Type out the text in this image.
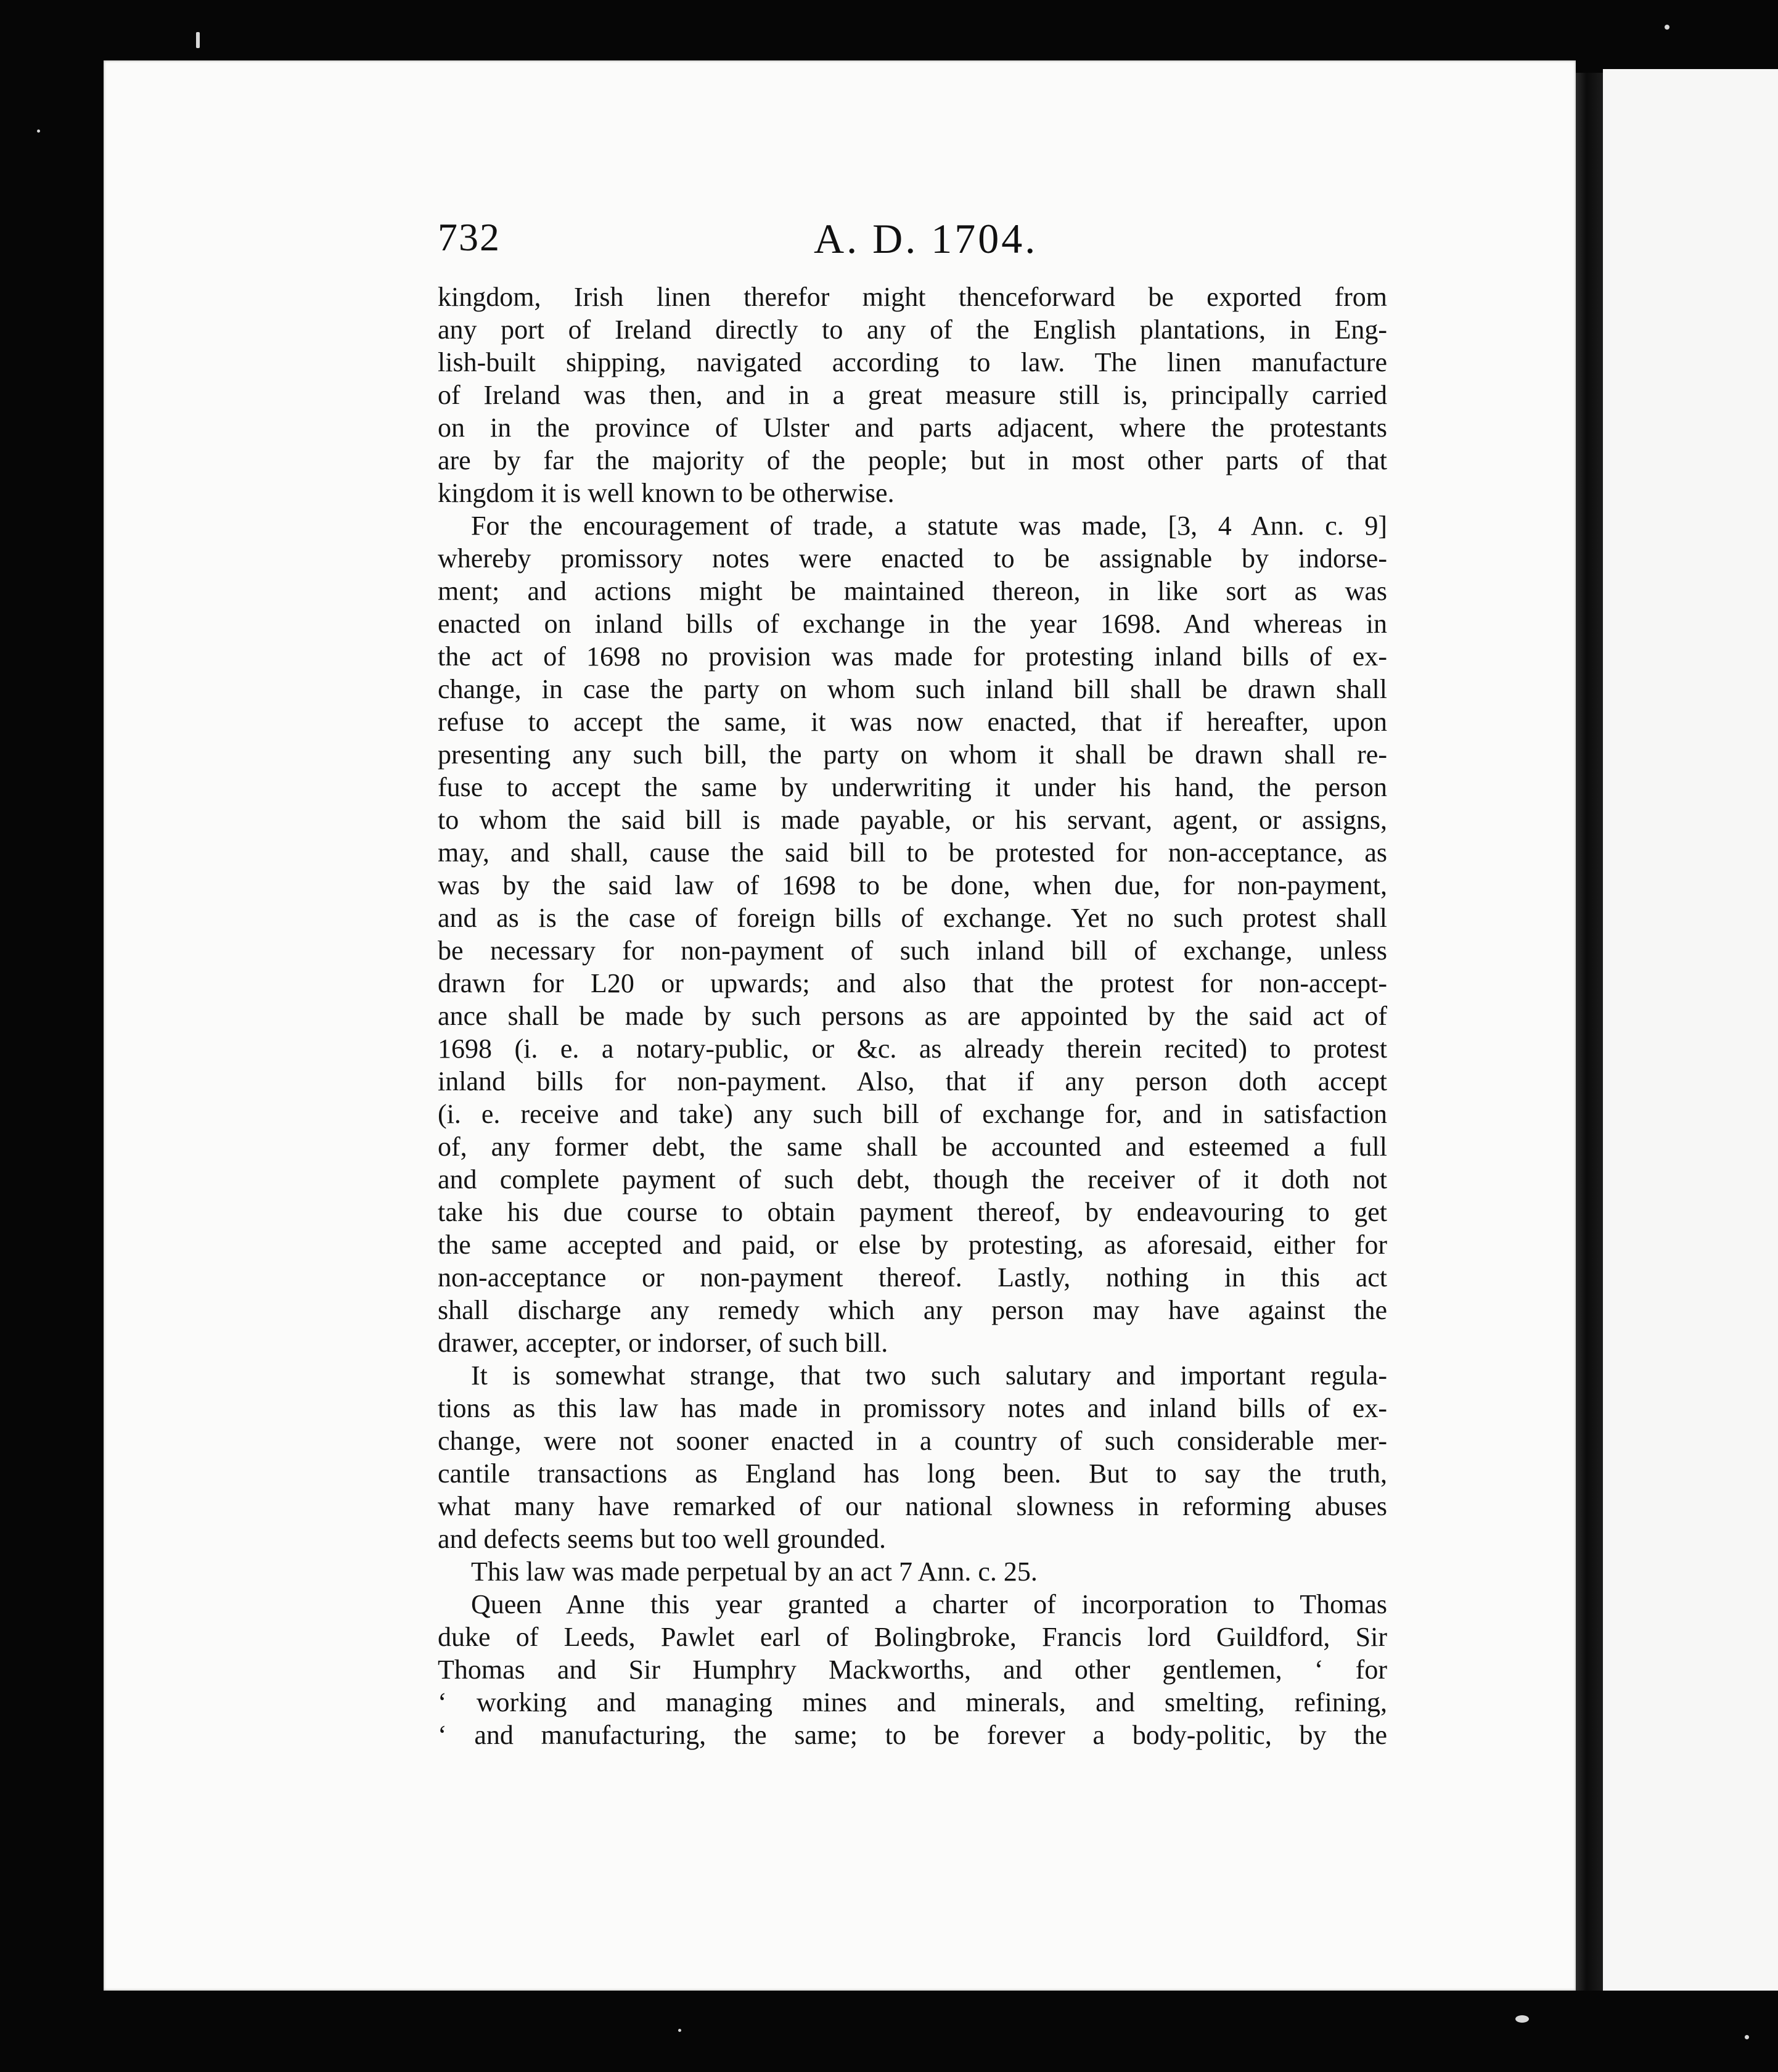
732	A. D. 1704.
kingdom, Irish linen therefor might thenceforward be exported from
any port of Ireland directly to any of the English plantations, in Eng-
lish-built shipping, navigated according to law. The linen manufacture
of Ireland was then, and in a great measure still is, principally carried
on in the province of Ulster and parts adjacent, where the protestants
are by far the majority of the people; but in most other parts of that
kingdom it is well known to be otherwise.
For the encouragement of trade, a statute was made, [3, 4 Ann. c. 9]
whereby promissory notes were enacted to be assignable by indorse-
ment; and actions might be maintained thereon, in like sort as was
enacted on inland bills of exchange in the year 1698. And whereas in
the act of 1698 no provision was made for protesting inland bills of ex-
change, in case the party on whom such inland bill shall be drawn shall
refuse to accept the same, it was now enacted, that if hereafter, upon
presenting any such bill, the party on whom it shall be drawn shall re-
fuse to accept the same by underwriting it under his hand, the person
to whom the said bill is made payable, or his servant, agent, or assigns,
may, and shall, cause the said bill to be protested for non-acceptance, as
was by the said law of 1698 to be done, when due, for non-payment,
and as is the case of foreign bills of exchange. Yet no such protest shall
be necessary for non-payment of such inland bill of exchange, unless
drawn for L20 or upwards; and also that the protest for non-accept-
ance shall be made by such persons as are appointed by the said act of
1698 (i. e. a notary-public, or &c. as already therein recited) to protest
inland bills for non-payment. Also, that if any person doth accept
(i. e. receive and take) any such bill of exchange for, and in satisfaction
of, any former debt, the same shall be accounted and esteemed a full
and complete payment of such debt, though the receiver of it doth not
take his due course to obtain payment thereof, by endeavouring to get
the same accepted and paid, or else by protesting, as aforesaid, either for
non-acceptance or non-payment thereof. Lastly, nothing in this act
shall discharge any remedy which any person may have against the
drawer, accepter, or indorser, of such bill.
It is somewhat strange, that two such salutary and important regula-
tions as this law has made in promissory notes and inland bills of ex-
change, were not sooner enacted in a country of such considerable mer-
cantile transactions as England has long been. But to say the truth,
what many have remarked of our national slowness in reforming abuses
and defects seems but too well grounded.
This law was made perpetual by an act 7 Ann. c. 25.
Queen Anne this year granted a charter of incorporation to Thomas
duke of Leeds, Pawlet earl of Bolingbroke, Francis lord Guildford, Sir
Thomas and Sir Humphry Mackworths, and other gentlemen, ‘ for
‘ working and managing mines and minerals, and smelting, refining,
‘ and manufacturing, the same; to be forever a body-politic, by the
